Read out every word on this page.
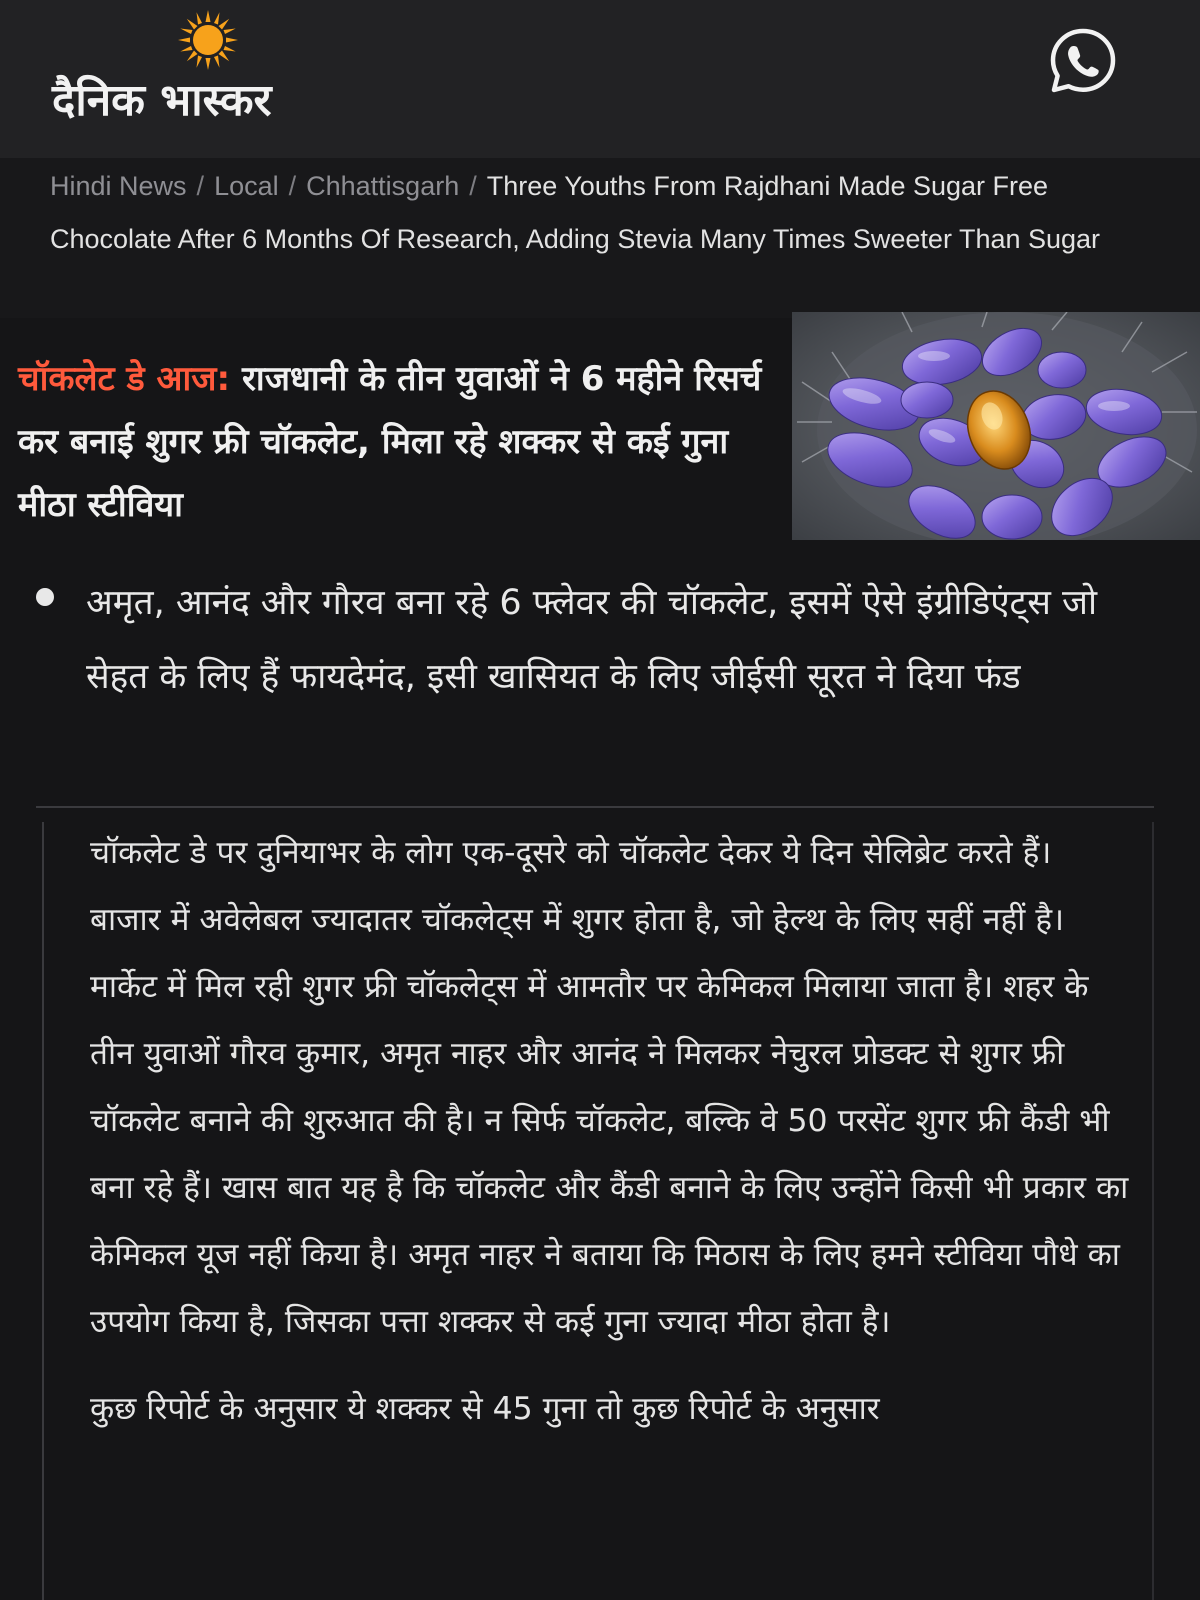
दैनिक भास्कर
Hindi News / Local / Chhattisgarh / Three Youths From Rajdhani Made Sugar Free Chocolate After 6 Months Of Research, Adding Stevia Many Times Sweeter Than Sugar
चॉकलेट डे आज: राजधानी के तीन युवाओं ने 6 महीने रिसर्च कर बनाई शुगर फ्री चॉकलेट, मिला रहे शक्कर से कई गुना मीठा स्टीविया
अमृत, आनंद और गौरव बना रहे 6 फ्लेवर की चॉकलेट, इसमें ऐसे इंग्रीडिएंट्स जो सेहत के लिए हैं फायदेमंद, इसी खासियत के लिए जीईसी सूरत ने दिया फंड

चॉकलेट डे पर दुनियाभर के लोग एक-दूसरे को चॉकलेट देकर ये दिन सेलिब्रेट करते हैं। बाजार में अवेलेबल ज्यादातर चॉकलेट्स में शुगर होता है, जो हेल्थ के लिए सहीं नहीं है। मार्केट में मिल रही शुगर फ्री चॉकलेट्स में आमतौर पर केमिकल मिलाया जाता है। शहर के तीन युवाओं गौरव कुमार, अमृत नाहर और आनंद ने मिलकर नेचुरल प्रोडक्ट से शुगर फ्री चॉकलेट बनाने की शुरुआत की है। न सिर्फ चॉकलेट, बल्कि वे 50 परसेंट शुगर फ्री कैंडी भी बना रहे हैं। खास बात यह है कि चॉकलेट और कैंडी बनाने के लिए उन्होंने किसी भी प्रकार का केमिकल यूज नहीं किया है। अमृत नाहर ने बताया कि मिठास के लिए हमने स्टीविया पौधे का उपयोग किया है, जिसका पत्ता शक्कर से कई गुना ज्यादा मीठा होता है।

कुछ रिपोर्ट के अनुसार ये शक्कर से 45 गुना तो कुछ रिपोर्ट के अनुसार
